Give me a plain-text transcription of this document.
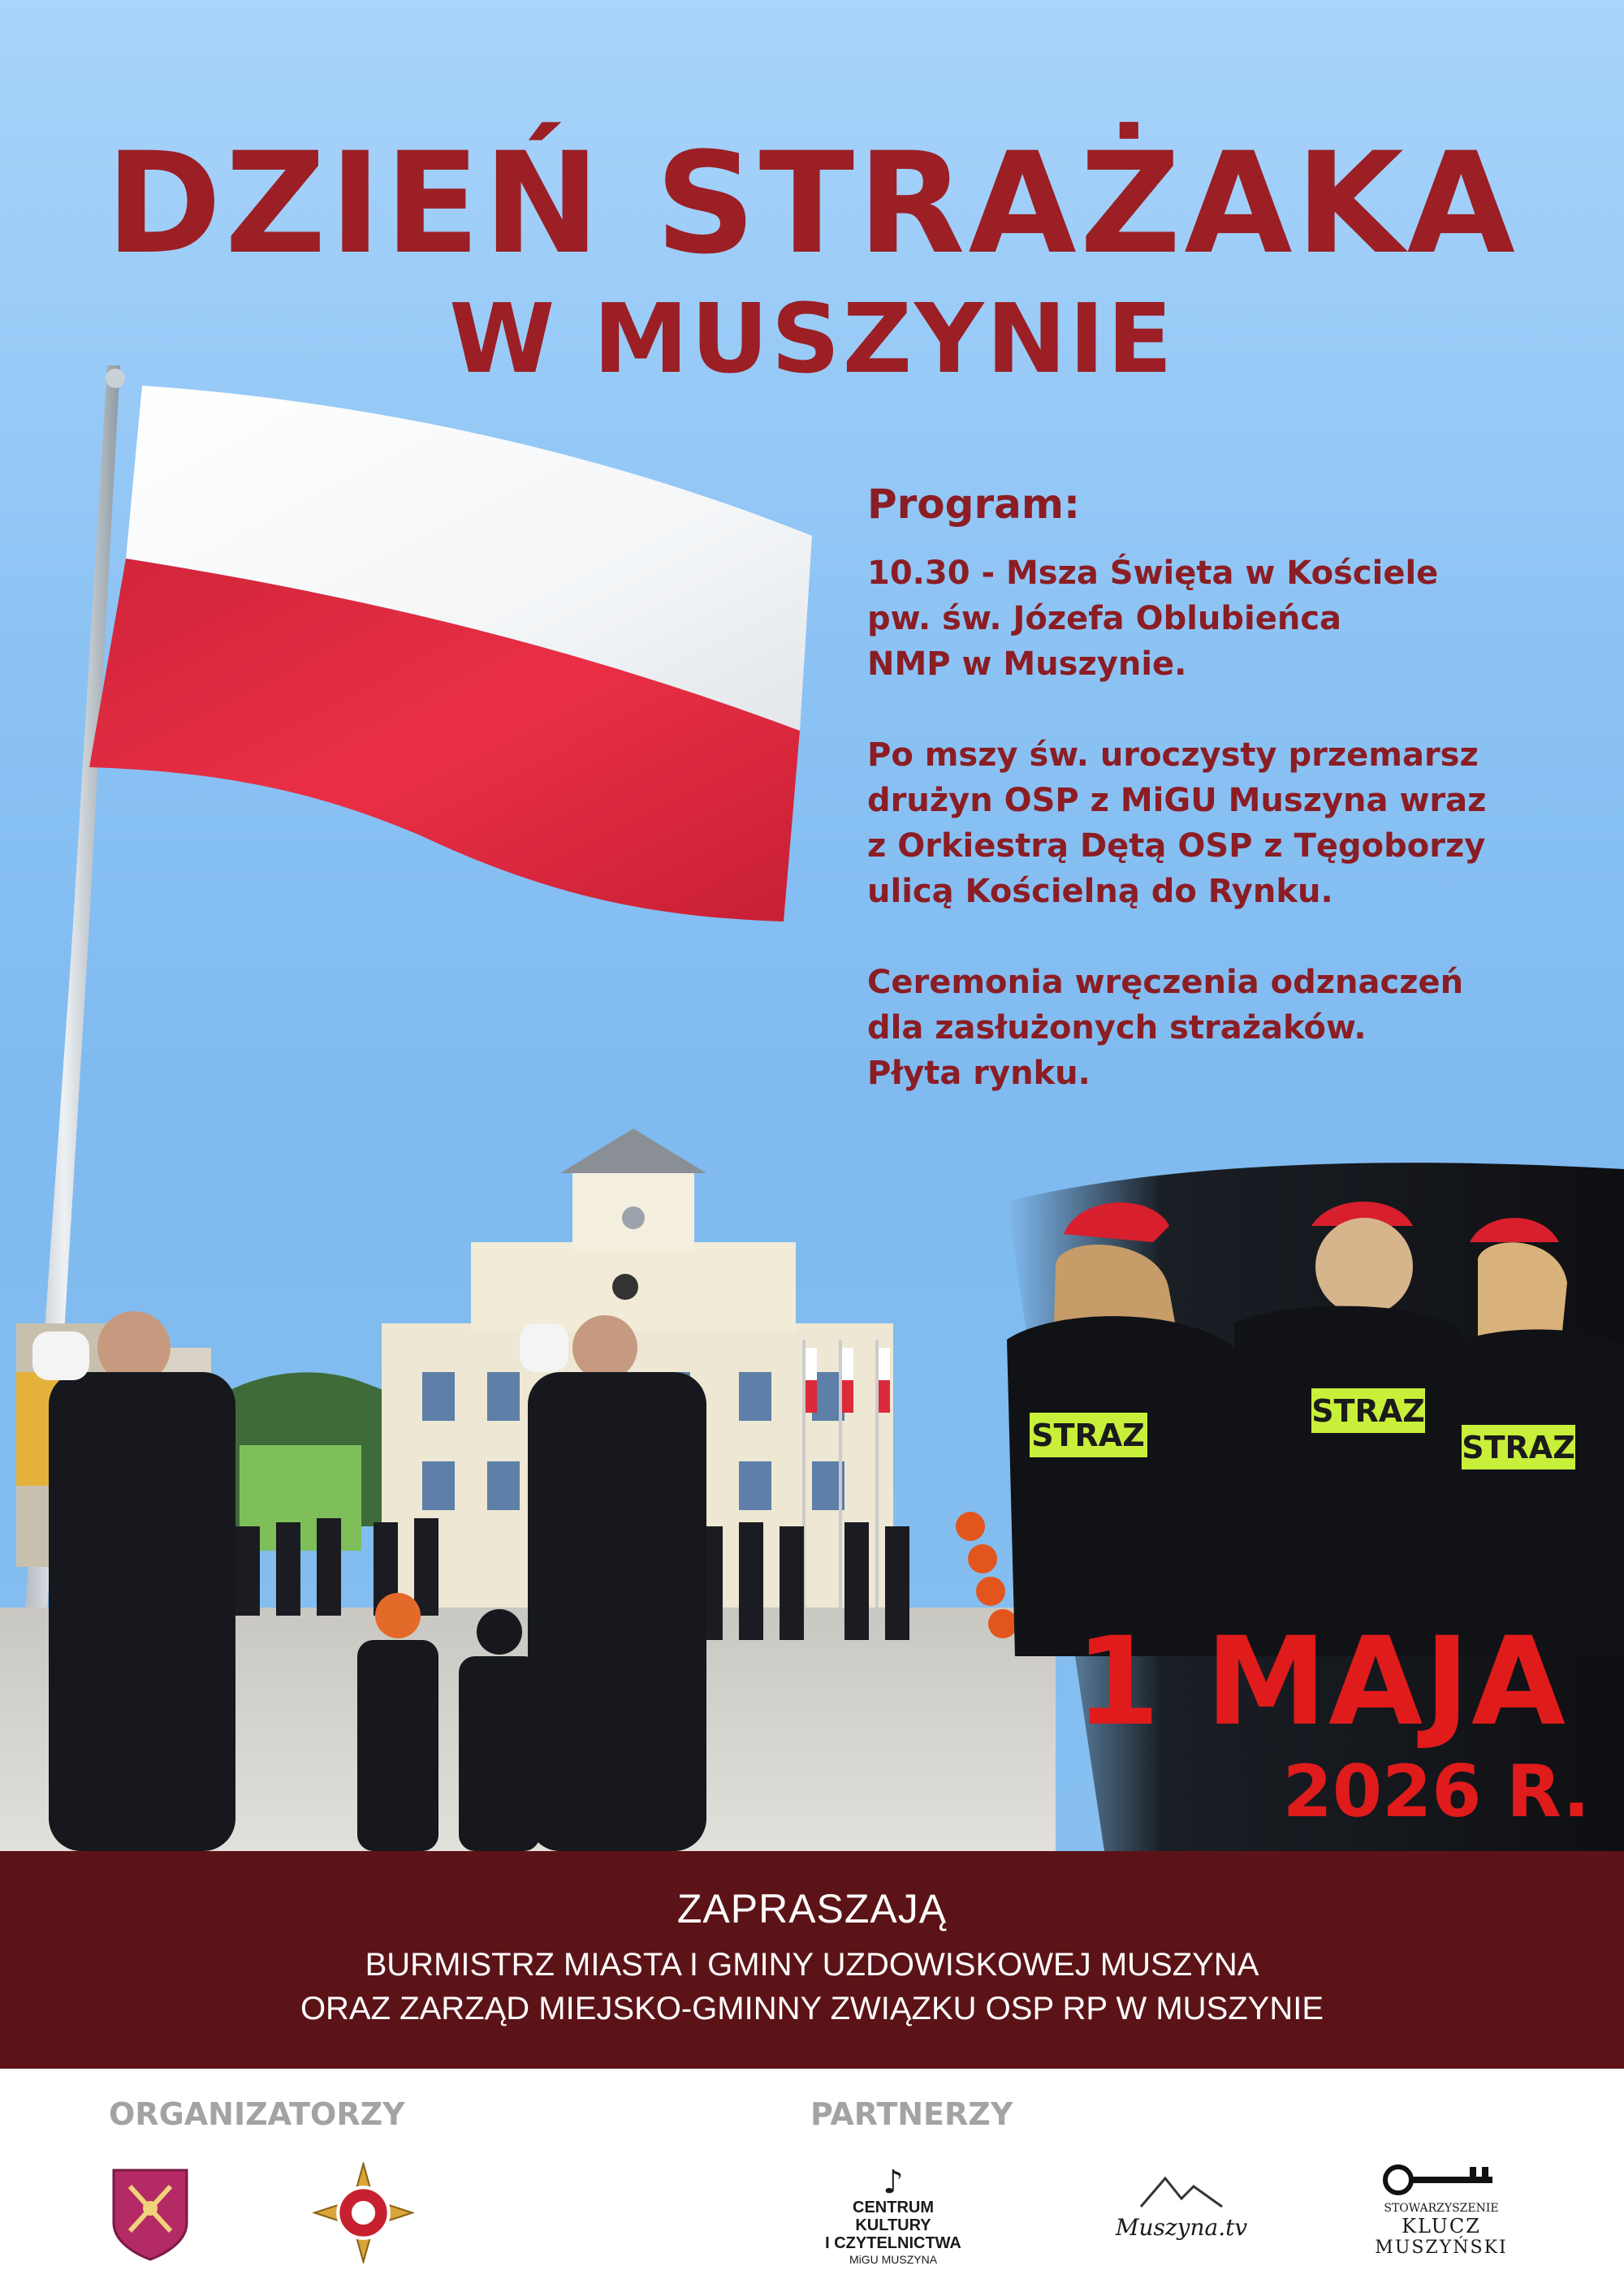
DZIEŃ STRAŻAKA
W MUSZYNIE
Program:

10.30 - Msza Święta w Kościele
pw. św. Józefa Oblubieńca
NMP w Muszynie.

Po mszy św. uroczysty przemarsz
drużyn OSP z MiGU Muszyna wraz
z Orkiestrą Dętą OSP z Tęgoborzy
ulicą Kościelną do Rynku.

Ceremonia wręczenia odznaczeń
dla zasłużonych strażaków.
Płyta rynku.

STRAZ
STRAZ
STRAZ
1 MAJA
2026 R.
ZAPRASZAJĄ
BURMISTRZ MIASTA I GMINY UZDOWISKOWEJ MUSZYNA
ORAZ ZARZĄD MIEJSKO-GMINNY ZWIĄZKU OSP RP W MUSZYNIE
ORGANIZATORZY	PARTNERZY
♪
CENTRUM
KULTURY
I CZYTELNICTWA
MiGU MUSZYNA
Muszyna.tv
STOWARZYSZENIE
KLUCZ
MUSZYŃSKI
